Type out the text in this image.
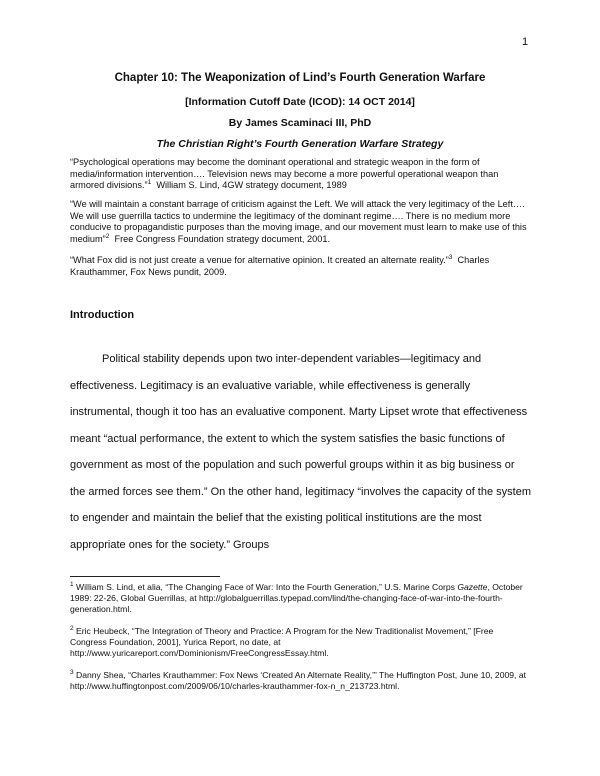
1
Chapter 10: The Weaponization of Lind’s Fourth Generation Warfare
[Information Cutoff Date (ICOD): 14 OCT 2014]
By James Scaminaci III, PhD
The Christian Right’s Fourth Generation Warfare Strategy
“Psychological operations may become the dominant operational and strategic weapon in the form of media/information intervention…. Television news may become a more powerful operational weapon than armored divisions.”$^1$ William S. Lind, 4GW strategy document, 1989
“We will maintain a constant barrage of criticism against the Left. We will attack the very legitimacy of the Left…. We will use guerrilla tactics to undermine the legitimacy of the dominant regime…. There is no medium more conducive to propagandistic purposes than the moving image, and our movement must learn to make use of this medium”$^2$ Free Congress Foundation strategy document, 2001.
“What Fox did is not just create a venue for alternative opinion. It created an alternate reality.”$^3$ Charles Krauthammer, Fox News pundit, 2009.
Introduction
Political stability depends upon two inter-dependent variables—legitimacy and effectiveness. Legitimacy is an evaluative variable, while effectiveness is generally instrumental, though it too has an evaluative component. Marty Lipset wrote that effectiveness meant “actual performance, the extent to which the system satisfies the basic functions of government as most of the population and such powerful groups within it as big business or the armed forces see them.” On the other hand, legitimacy “involves the capacity of the system to engender and maintain the belief that the existing political institutions are the most appropriate ones for the society.” Groups
$^1$ William S. Lind, et alia, “The Changing Face of War: Into the Fourth Generation,” U.S. Marine Corps Gazette, October 1989: 22-26, Global Guerrillas, at http://globalguerrillas.typepad.com/lind/the-changing-face-of-war-into-the-fourth-generation.html.
$^2$ Eric Heubeck, “The Integration of Theory and Practice: A Program for the New Traditionalist Movement,” [Free Congress Foundation, 2001], Yurica Report, no date, at http://www.yuricareport.com/Dominionism/FreeCongressEssay.html.
$^3$ Danny Shea, “Charles Krauthammer: Fox News ‘Created An Alternate Reality,’” The Huffington Post, June 10, 2009, at http://www.huffingtonpost.com/2009/06/10/charles-krauthammer-fox-n_n_213723.html.
